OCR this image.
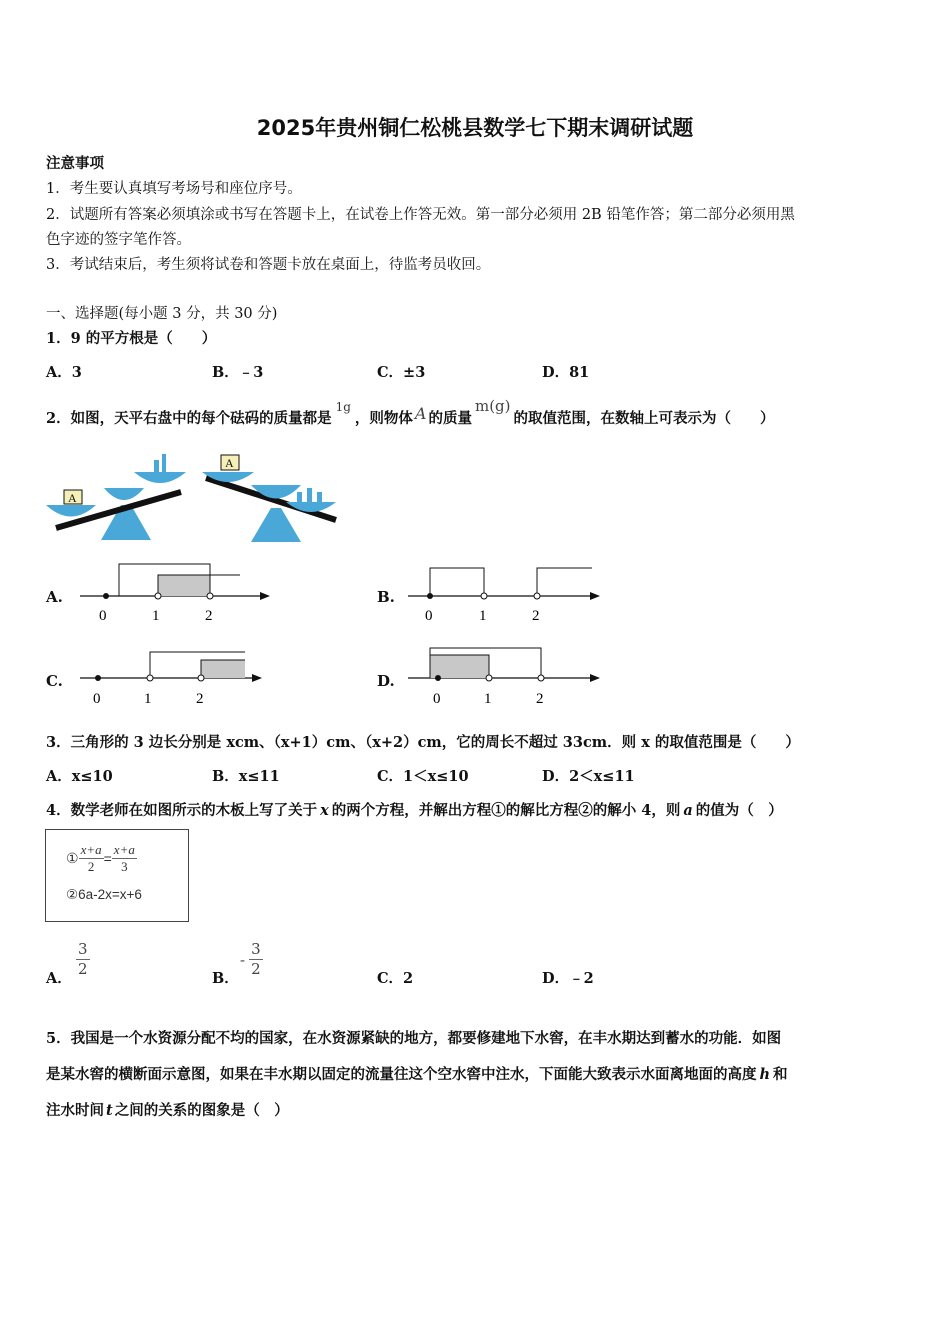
2025年贵州铜仁松桃县数学七下期末调研试题
注意事项
1．考生要认真填写考场号和座位序号。
2．试题所有答案必须填涂或书写在答题卡上，在试卷上作答无效。第一部分必须用 2B 铅笔作答；第二部分必须用黑
色字迹的签字笔作答。
3．考试结束后，考生须将试卷和答题卡放在桌面上，待监考员收回。
一、选择题(每小题 3 分，共 30 分)
1．9 的平方根是（　　）
A．3	B．﹣3	C．±3	D．81
2．如图，天平右盘中的每个砝码的质量都是$^{1g}$，则物体 A 的质量m(g)的取值范围，在数轴上可表示为（　　）
A
A
A.
0	1	2
B.
0	1	2
C.
0	1	2
D.
0	1	2
3．三角形的 3 边长分别是 xcm、（x+1）cm、（x+2）cm，它的周长不超过 33cm．则 x 的取值范围是（　　）
A．x≤10	B．x≤11	C．1＜x≤10	D．2＜x≤11
4．数学老师在如图所示的木板上写了关于 x 的两个方程，并解出方程①的解比方程②的解小 4，则 a 的值为（　）
① $\frac{x+a}{2} = \frac{x+a}{3}$
②6a-2x=x+6
A． $\frac{3}{2}$	B．
- $\frac{3}{2}$	C．2	D．﹣2
5．我国是一个水资源分配不均的国家，在水资源紧缺的地方，都要修建地下水窖，在丰水期达到蓄水的功能．如图
是某水窖的横断面示意图，如果在丰水期以固定的流量往这个空水窖中注水，下面能大致表示水面离地面的高度 h 和
注水时间 t 之间的关系的图象是（　）
